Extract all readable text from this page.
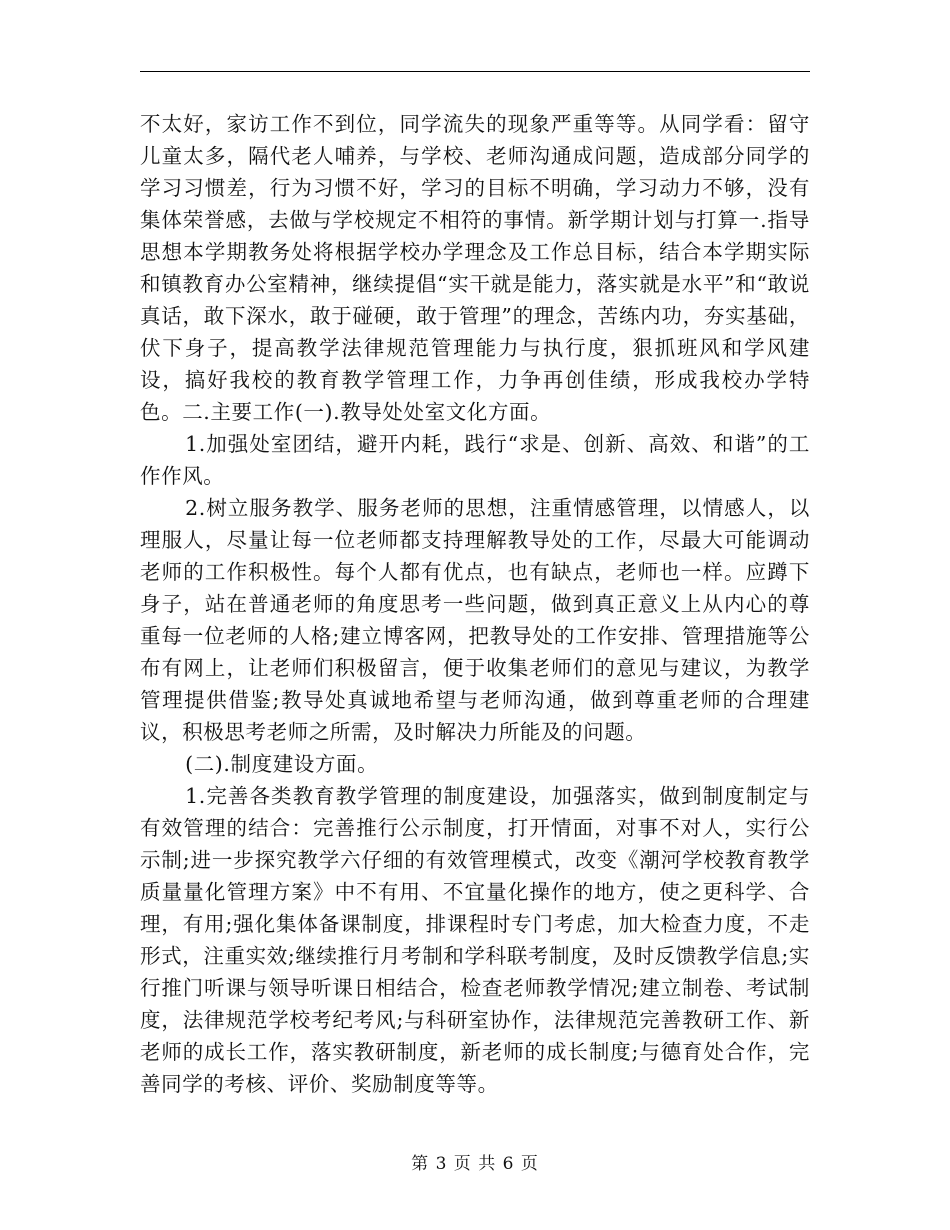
不太好，家访工作不到位，同学流失的现象严重等等。从同学看：留守儿童太多，隔代老人哺养，与学校、老师沟通成问题，造成部分同学的学习习惯差，行为习惯不好，学习的目标不明确，学习动力不够，没有集体荣誉感，去做与学校规定不相符的事情。新学期计划与打算一.指导思想本学期教务处将根据学校办学理念及工作总目标，结合本学期实际和镇教育办公室精神，继续提倡“实干就是能力，落实就是水平”和“敢说真话，敢下深水，敢于碰硬，敢于管理”的理念，苦练内功，夯实基础，伏下身子，提高教学法律规范管理能力与执行度，狠抓班风和学风建设，搞好我校的教育教学管理工作，力争再创佳绩，形成我校办学特色。二.主要工作(一).教导处处室文化方面。

1.加强处室团结，避开内耗，践行“求是、创新、高效、和谐”的工作作风。

2.树立服务教学、服务老师的思想，注重情感管理，以情感人，以理服人，尽量让每一位老师都支持理解教导处的工作，尽最大可能调动老师的工作积极性。每个人都有优点，也有缺点，老师也一样。应蹲下身子，站在普通老师的角度思考一些问题，做到真正意义上从内心的尊重每一位老师的人格;建立博客网，把教导处的工作安排、管理措施等公布有网上，让老师们积极留言，便于收集老师们的意见与建议，为教学管理提供借鉴;教导处真诚地希望与老师沟通，做到尊重老师的合理建议，积极思考老师之所需，及时解决力所能及的问题。

(二).制度建设方面。

1.完善各类教育教学管理的制度建设，加强落实，做到制度制定与有效管理的结合：完善推行公示制度，打开情面，对事不对人，实行公示制;进一步探究教学六仔细的有效管理模式，改变《潮河学校教育教学质量量化管理方案》中不有用、不宜量化操作的地方，使之更科学、合理，有用;强化集体备课制度，排课程时专门考虑，加大检查力度，不走形式，注重实效;继续推行月考制和学科联考制度，及时反馈教学信息;实行推门听课与领导听课日相结合，检查老师教学情况;建立制卷、考试制度，法律规范学校考纪考风;与科研室协作，法律规范完善教研工作、新老师的成长工作，落实教研制度，新老师的成长制度;与德育处合作，完善同学的考核、评价、奖励制度等等。

第 3 页 共 6 页
